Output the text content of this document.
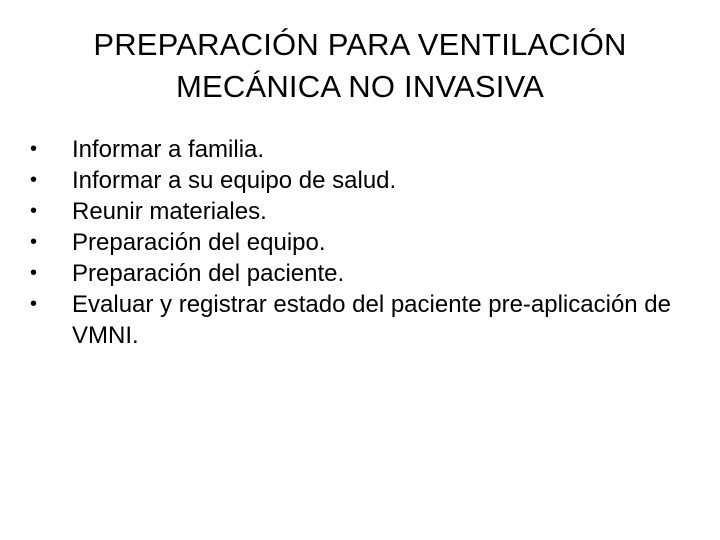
PREPARACIÓN PARA VENTILACIÓN
MECÁNICA NO INVASIVA
•	Informar a familia.
•	Informar a su equipo de salud.
•	Reunir materiales.
•	Preparación del equipo.
•	Preparación del paciente.
•	Evaluar y registrar estado del paciente pre-aplicación de VMNI.
